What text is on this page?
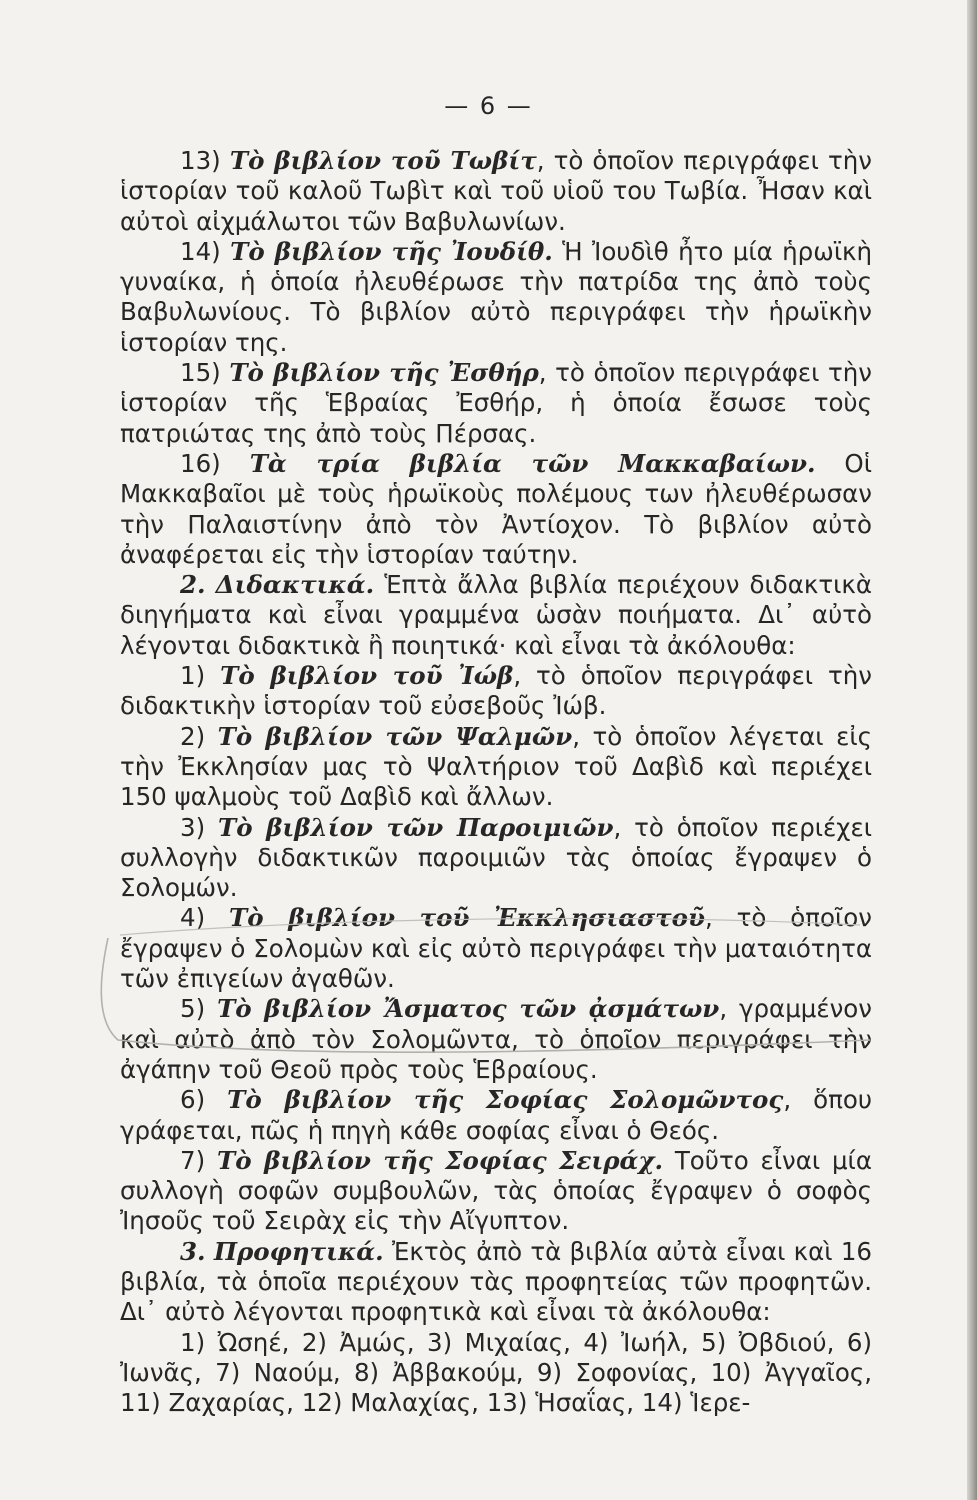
— 6 —

13) Τὸ βιβλίον τοῦ Τωβίτ, τὸ ὁποῖον περιγράφει τὴν ἱστορίαν τοῦ καλοῦ Τωβὶτ καὶ τοῦ υἱοῦ του Τωβία. Ἦσαν καὶ αὐτοὶ αἰχμάλωτοι τῶν Βαβυλωνίων.

14) Τὸ βιβλίον τῆς Ἰουδίθ. Ἡ Ἰουδὶθ ἦτο μία ἡρωϊκὴ γυναίκα, ἡ ὁποία ἠλευθέρωσε τὴν πατρίδα της ἀπὸ τοὺς Βαβυλωνίους. Τὸ βιβλίον αὐτὸ περιγράφει τὴν ἡρωϊκὴν ἱστορίαν της.

15) Τὸ βιβλίον τῆς Ἐσθήρ, τὸ ὁποῖον περιγράφει τὴν ἱστορίαν τῆς Ἑβραίας Ἐσθήρ, ἡ ὁποία ἔσωσε τοὺς πατριώτας της ἀπὸ τοὺς Πέρσας.

16) Τὰ τρία βιβλία τῶν Μακκαβαίων. Οἱ Μακκαβαῖοι μὲ τοὺς ἡρωϊκοὺς πολέμους των ἠλευθέρωσαν τὴν Παλαιστίνην ἀπὸ τὸν Ἀντίοχον. Τὸ βιβλίον αὐτὸ ἀναφέρεται εἰς τὴν ἱστορίαν ταύτην.

2. Διδακτικά. Ἑπτὰ ἄλλα βιβλία περιέχουν διδακτικὰ διηγήματα καὶ εἶναι γραμμένα ὡσὰν ποιήματα. Δι᾽ αὐτὸ λέγονται διδακτικὰ ἢ ποιητικά· καὶ εἶναι τὰ ἀκόλουθα:

1) Τὸ βιβλίον τοῦ Ἰώβ, τὸ ὁποῖον περιγράφει τὴν διδακτικὴν ἱστορίαν τοῦ εὐσεβοῦς Ἰώβ.

2) Τὸ βιβλίον τῶν Ψαλμῶν, τὸ ὁποῖον λέγεται εἰς τὴν Ἐκκλησίαν μας τὸ Ψαλτήριον τοῦ Δαβὶδ καὶ περιέχει 150 ψαλμοὺς τοῦ Δαβὶδ καὶ ἄλλων.

3) Τὸ βιβλίον τῶν Παροιμιῶν, τὸ ὁποῖον περιέχει συλλογὴν διδακτικῶν παροιμιῶν τὰς ὁποίας ἔγραψεν ὁ Σολομών.

4) Τὸ βιβλίον τοῦ Ἐκκλησιαστοῦ, τὸ ὁποῖον ἔγραψεν ὁ Σολομὼν καὶ εἰς αὐτὸ περιγράφει τὴν ματαιότητα τῶν ἐπιγείων ἀγαθῶν.

5) Τὸ βιβλίον Ἄσματος τῶν ᾀσμάτων, γραμμένον καὶ αὐτὸ ἀπὸ τὸν Σολομῶντα, τὸ ὁποῖον περιγράφει τὴν ἀγάπην τοῦ Θεοῦ πρὸς τοὺς Ἑβραίους.

6) Τὸ βιβλίον τῆς Σοφίας Σολομῶντος, ὅπου γράφεται, πῶς ἡ πηγὴ κάθε σοφίας εἶναι ὁ Θεός.

7) Τὸ βιβλίον τῆς Σοφίας Σειράχ. Τοῦτο εἶναι μία συλλογὴ σοφῶν συμβουλῶν, τὰς ὁποίας ἔγραψεν ὁ σοφὸς Ἰησοῦς τοῦ Σειρὰχ εἰς τὴν Αἴγυπτον.

3. Προφητικά. Ἐκτὸς ἀπὸ τὰ βιβλία αὐτὰ εἶναι καὶ 16 βιβλία, τὰ ὁποῖα περιέχουν τὰς προφητείας τῶν προφητῶν. Δι᾽ αὐτὸ λέγονται προφητικὰ καὶ εἶναι τὰ ἀκόλουθα:

1) Ὠσηέ, 2) Ἀμώς, 3) Μιχαίας, 4) Ἰωήλ, 5) Ὀβδιού, 6) Ἰωνᾶς, 7) Ναούμ, 8) Ἀββακούμ, 9) Σοφονίας, 10) Ἀγγαῖος, 11) Ζαχαρίας, 12) Μαλαχίας, 13) Ἡσαΐας, 14) Ἱερε-
